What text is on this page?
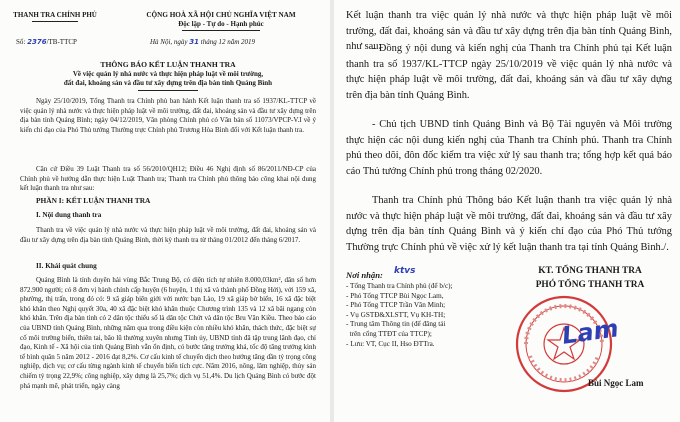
THANH TRA CHÍNH PHỦ
Số: 2376/TB-TTCP
CỘNG HOÀ XÃ HỘI CHỦ NGHĨA VIỆT NAM
Độc lập - Tự do - Hạnh phúc
Hà Nội, ngày 31 tháng 12 năm 2019
THÔNG BÁO KẾT LUẬN THANH TRA
Về việc quản lý nhà nước và thực hiện pháp luật về môi trường,
đất đai, khoáng sản và đầu tư xây dựng trên địa bàn tỉnh Quảng Bình
Ngày 25/10/2019, Tổng Thanh tra Chính phủ ban hành Kết luận thanh tra số 1937/KL-TTCP về việc quản lý nhà nước và thực hiện pháp luật về môi trường, đất đai, khoáng sản và đầu tư xây dựng trên địa bàn tỉnh Quảng Bình; ngày 04/12/2019, Văn phòng Chính phủ có Văn bản số 11073/VPCP-V.I về ý kiến chỉ đạo của Phó Thủ tướng Thường trực Chính phủ Trương Hòa Bình đối với Kết luận thanh tra.
Căn cứ Điều 39 Luật Thanh tra số 56/2010/QH12; Điều 46 Nghị định số 86/2011/NĐ-CP của Chính phủ về hướng dẫn thực hiện Luật Thanh tra; Thanh tra Chính phủ thông báo công khai nội dung kết luận thanh tra như sau:
PHẦN I: KẾT LUẬN THANH TRA
I. Nội dung thanh tra
Thanh tra về việc quản lý nhà nước và thực hiện pháp luật về môi trường, đất đai, khoáng sản và đầu tư xây dựng trên địa bàn tỉnh Quảng Bình, thời kỳ thanh tra từ tháng 01/2012 đến tháng 6/2017.
II. Khái quát chung
Quảng Bình là tỉnh duyên hải vùng Bắc Trung Bộ, có diện tích tự nhiên 8.000,03km², dân số hơn 872.900 người; có 8 đơn vị hành chính cấp huyện (6 huyện, 1 thị xã và thành phố Đồng Hới), với 159 xã, phường, thị trấn, trong đó có: 9 xã giáp biên giới với nước bạn Lào, 19 xã giáp bờ biển, 16 xã đặc biệt khó khăn theo Nghị quyết 30a, 40 xã đặc biệt khó khăn thuộc Chương trình 135 và 12 xã bãi ngang còn khó khăn. Trên địa bàn tỉnh có 2 dân tộc thiểu số là dân tộc Chứt và dân tộc Bru Vân Kiều. Theo báo cáo của UBND tỉnh Quảng Bình, những năm qua trong điều kiện còn nhiều khó khăn, thách thức, đặc biệt sự cố môi trường biển, thiên tai, bão lũ thường xuyên nhưng Tỉnh ủy, UBND tỉnh đã tập trung lãnh đạo, chỉ đạo, Kinh tế - Xã hội của tỉnh Quảng Bình vẫn ổn định, có bước tăng trưởng khá, tốc độ tăng trưởng kinh tế bình quân 5 năm 2012 - 2016 đạt 8,2%. Cơ cấu kinh tế chuyển dịch theo hướng tăng dần tỷ trọng công nghiệp, dịch vụ; cơ cấu từng ngành kinh tế chuyển biến tích cực. Năm 2016, nông, lâm nghiệp, thủy sản chiếm tỷ trọng 22,9%; công nghiệp, xây dựng là 25,7%; dịch vụ 51,4%. Du lịch Quảng Bình có bước đột phá mạnh mẽ, phát triển, ngày càng
Kết luận thanh tra việc quản lý nhà nước và thực hiện pháp luật về môi trường, đất đai, khoáng sản và đầu tư xây dựng trên địa bàn tỉnh Quảng Bình, như sau:
- Đồng ý nội dung và kiến nghị của Thanh tra Chính phủ tại Kết luận thanh tra số 1937/KL-TTCP ngày 25/10/2019 về việc quản lý nhà nước và thực hiện pháp luật về môi trường, đất đai, khoáng sản và đầu tư xây dựng trên địa bàn tỉnh Quảng Bình.
- Chủ tịch UBND tỉnh Quảng Bình và Bộ Tài nguyên và Môi trường thực hiện các nội dung kiến nghị của Thanh tra Chính phủ. Thanh tra Chính phủ theo dõi, đôn đốc kiểm tra việc xử lý sau thanh tra; tổng hợp kết quả báo cáo Thủ tướng Chính phủ trong tháng 02/2020.
Thanh tra Chính phủ Thông báo Kết luận thanh tra việc quản lý nhà nước và thực hiện pháp luật về môi trường, đất đai, khoáng sản và đầu tư xây dựng trên địa bàn tỉnh Quảng Bình và ý kiến chỉ đạo của Phó Thủ tướng Thường trực Chính phủ về việc xử lý kết luận thanh tra tại tỉnh Quảng Bình./.
Nơi nhận: ktvs
- Tổng Thanh tra Chính phủ (để b/c);
- Phó Tổng TTCP Bùi Ngọc Lam,
- Phó Tổng TTCP Trần Văn Minh;
- Vụ GSTĐ&XLSTT, Vụ KH-TH;
- Trung tâm Thông tin (để đăng tải
trên cổng TTĐT của TTCP);
- Lưu: VT, Cục II, Hso ĐTTra.
KT. TỔNG THANH TRA
PHÓ TỔNG THANH TRA
Lam
Bùi Ngọc Lam
